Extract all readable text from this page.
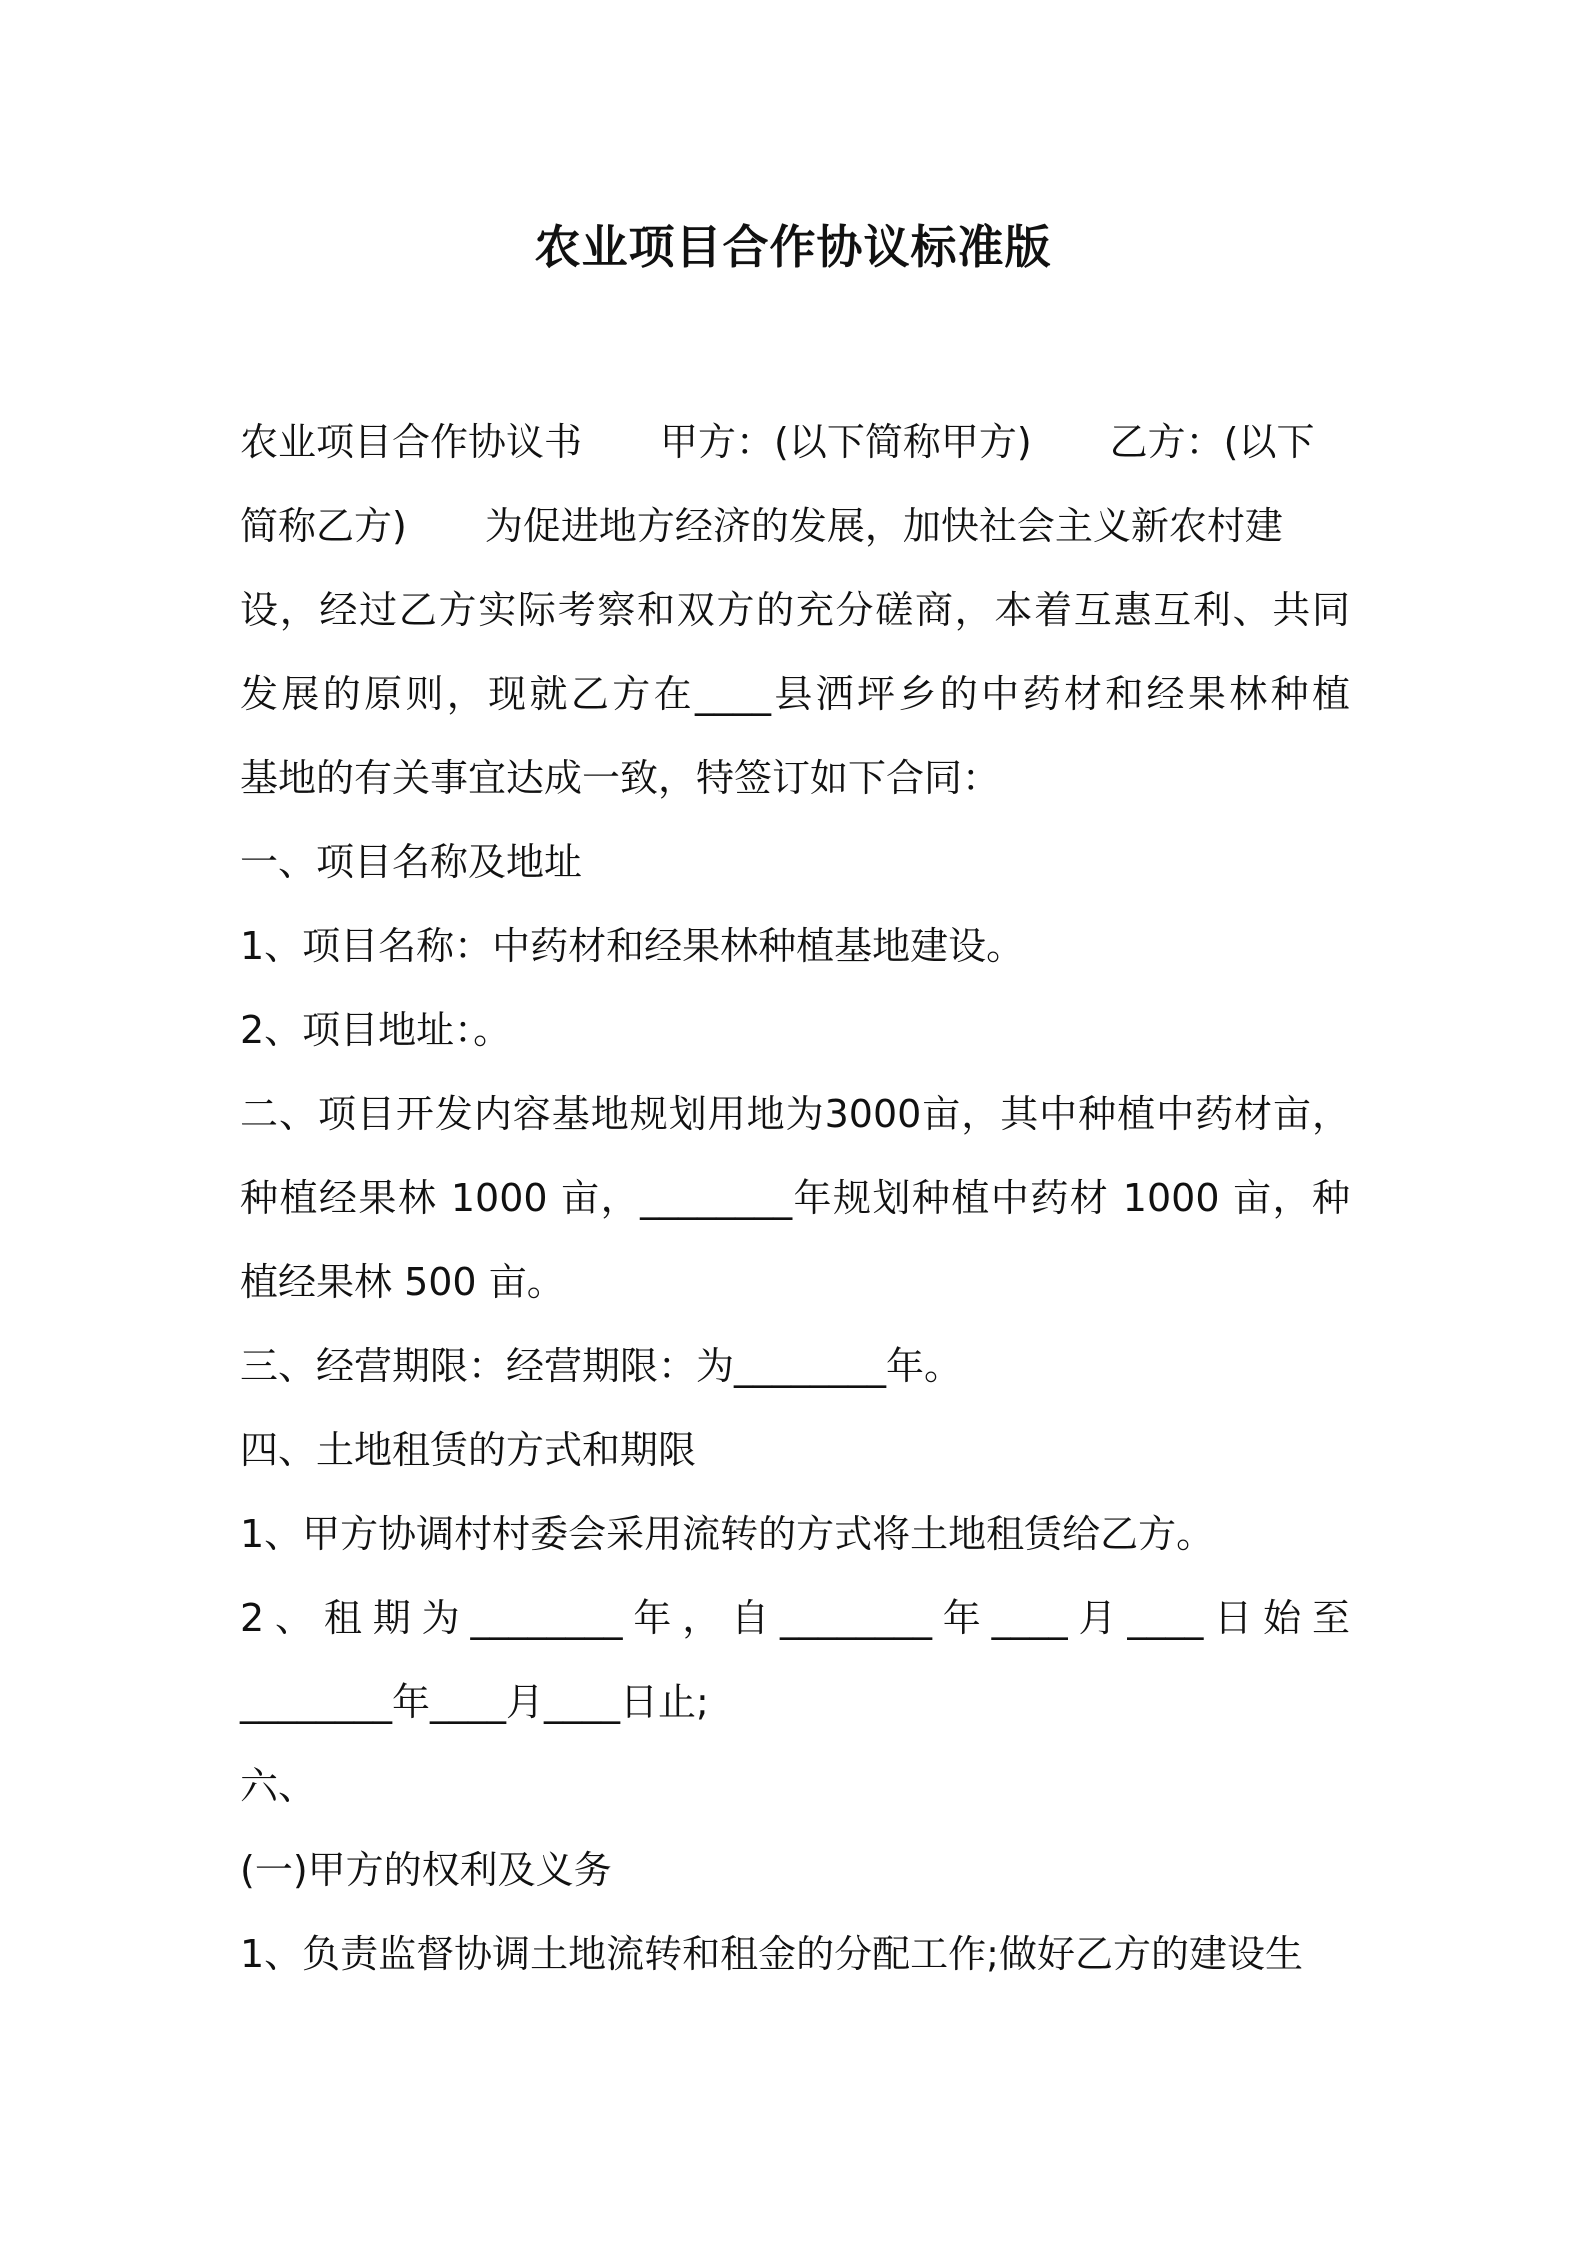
农业项目合作协议标准版
农业项目合作协议书 甲方：(以下简称甲方) 乙方：(以下
简称乙方) 为促进地方经济的发展，加快社会主义新农村建
设，经过乙方实际考察和双方的充分磋商，本着互惠互利、共同
发展的原则，现就乙方在____县洒坪乡的中药材和经果林种植
基地的有关事宜达成一致，特签订如下合同：
一、项目名称及地址
1、项目名称：中药材和经果林种植基地建设。
2、项目地址：。
二、项目开发内容基地规划用地为3000亩，其中种植中药材亩，
种植经果林 1000 亩，________年规划种植中药材 1000 亩，种
植经果林 500 亩。
三、经营期限：经营期限：为________年。
四、土地租赁的方式和期限
1、甲方协调村村委会采用流转的方式将土地租赁给乙方。
2、租期为________年，自________年____月____日始至
________年____月____日止;
六、
(一)甲方的权利及义务
1、负责监督协调土地流转和租金的分配工作;做好乙方的建设生
